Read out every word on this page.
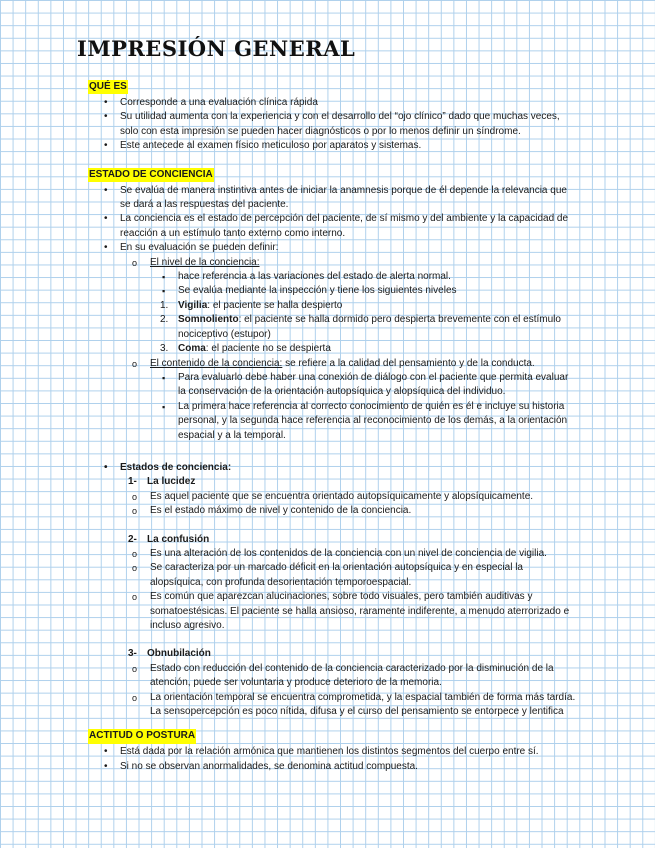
IMPRESIÓN GENERAL
QUÉ ES
•
Corresponde a una evaluación clínica rápida
•
Su utilidad aumenta con la experiencia y con el desarrollo del “ojo clínico” dado que muchas veces, solo con esta impresión se pueden hacer diagnósticos o por lo menos definir un síndrome.
•
Este antecede al examen físico meticuloso por aparatos y sistemas.
ESTADO DE CONCIENCIA
•
Se evalúa de manera instintiva antes de iniciar la anamnesis porque de él depende la relevancia que se dará a las respuestas del paciente.
•
La conciencia es el estado de percepción del paciente, de sí mismo y del ambiente y la capacidad de reacción a un estímulo tanto externo como interno.
•
En su evaluación se pueden definir:
o
El nivel de la conciencia:
▪
hace referencia a las variaciones del estado de alerta normal.
▪
Se evalúa mediante la inspección y tiene los siguientes niveles
1. Vigilia: el paciente se halla despierto
2. Somnoliento: el paciente se halla dormido pero despierta brevemente con el estímulo nociceptivo (estupor)
3. Coma: el paciente no se despierta
o
El contenido de la conciencia: se refiere a la calidad del pensamiento y de la conducta.
▪
Para evaluarlo debe haber una conexión de diálogo con el paciente que permita evaluar la conservación de la orientación autopsíquica y alopsíquica del individuo.
▪
La primera hace referencia al correcto conocimiento de quién es él e incluye su historia personal, y la segunda hace referencia al reconocimiento de los demás, a la orientación espacial y a la temporal.
•
Estados de conciencia:
1- La lucidez
o
Es aquel paciente que se encuentra orientado autopsíquicamente y alopsíquicamente.
o
Es el estado máximo de nivel y contenido de la conciencia.
2- La confusión
o
Es una alteración de los contenidos de la conciencia con un nivel de conciencia de vigilia.
o
Se caracteriza por un marcado déficit en la orientación autopsíquica y en especial la alopsíquica, con profunda desorientación temporoespacial.
o
Es común que aparezcan alucinaciones, sobre todo visuales, pero también auditivas y somatoestésicas. El paciente se halla ansioso, raramente indiferente, a menudo aterrorizado e incluso agresivo.
3- Obnubilación
o
Estado con reducción del contenido de la conciencia caracterizado por la disminución de la atención, puede ser voluntaria y produce deterioro de la memoria.
o
La orientación temporal se encuentra comprometida, y la espacial también de forma más tardía. La sensopercepción es poco nítida, difusa y el curso del pensamiento se entorpece y lentifica
ACTITUD O POSTURA
•
Está dada por la relación armónica que mantienen los distintos segmentos del cuerpo entre sí.
•
Si no se observan anormalidades, se denomina actitud compuesta.
